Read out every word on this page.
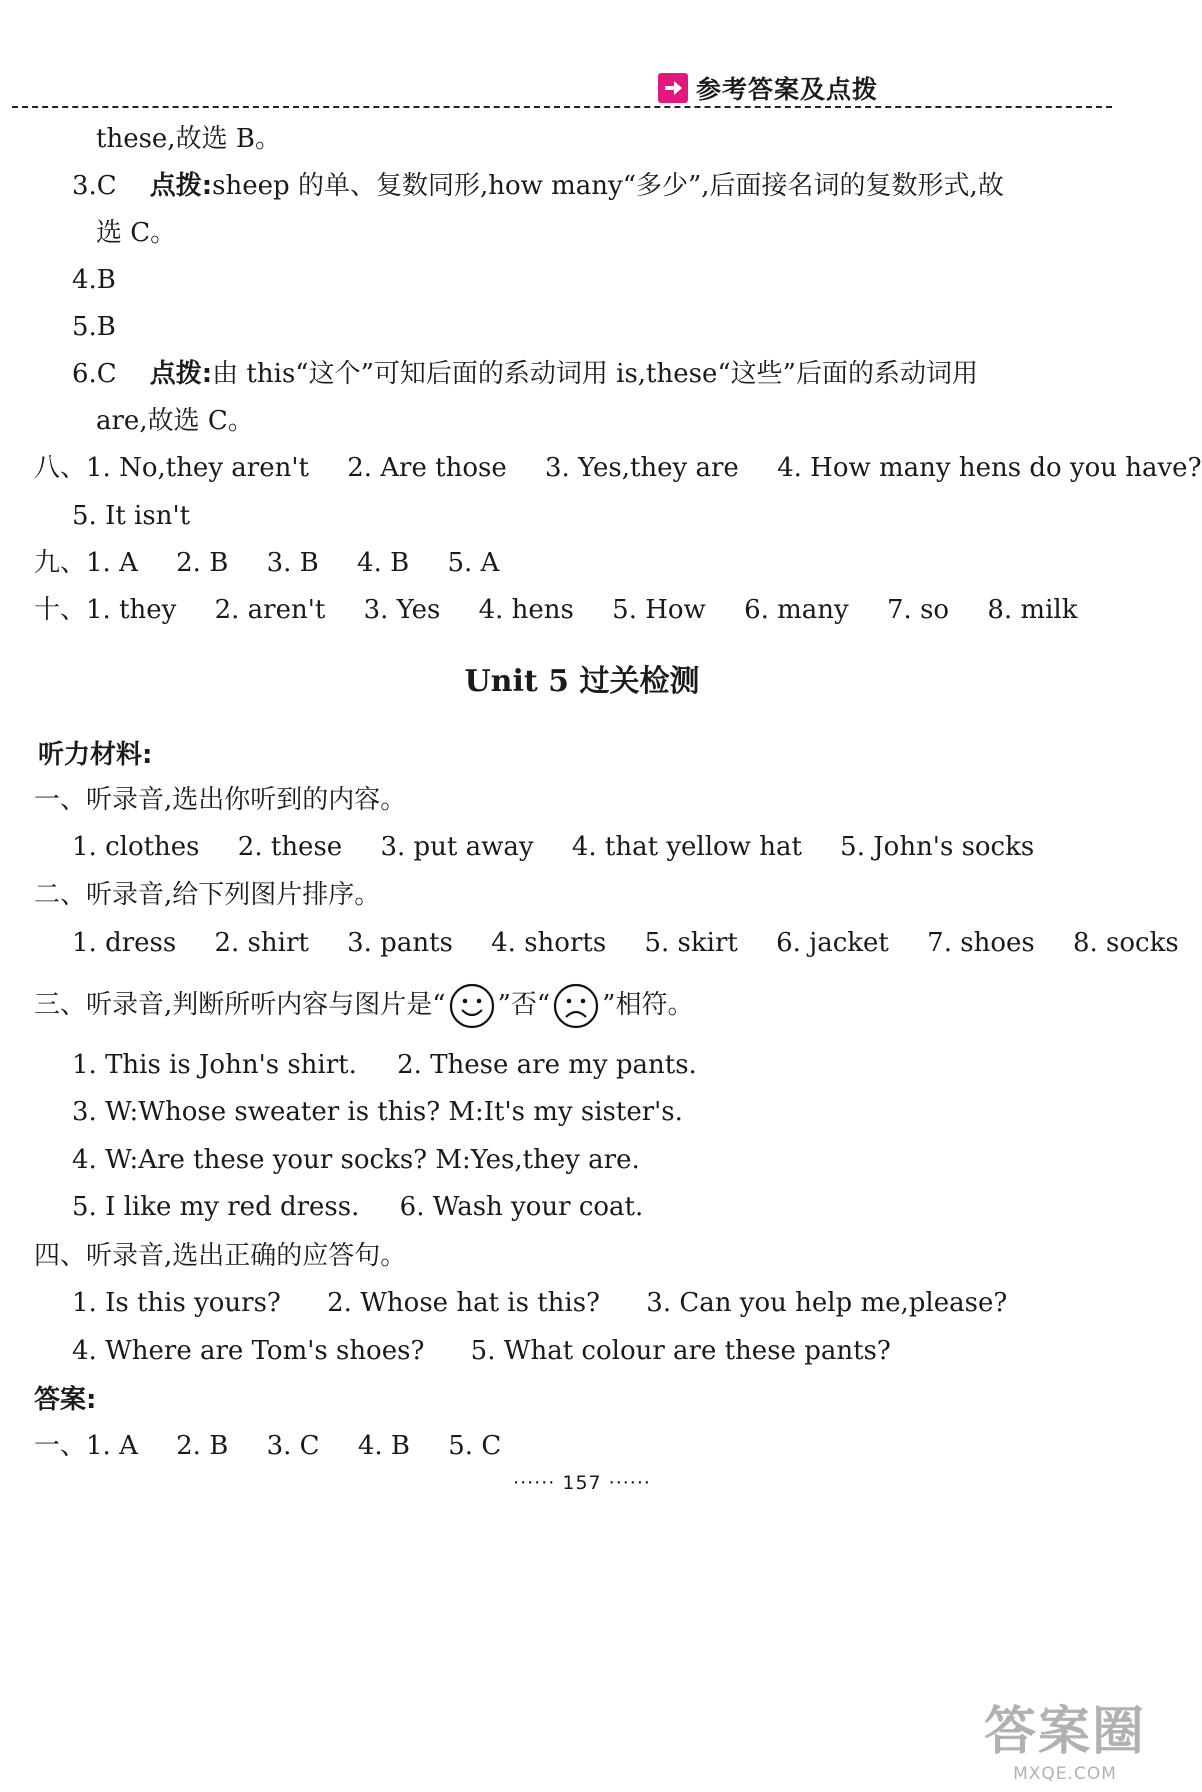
参考答案及点拨
these,故选 B。
3.C 点拨:sheep 的单、复数同形,how many“多少”,后面接名词的复数形式,故
选 C。
4.B
5.B
6.C 点拨:由 this“这个”可知后面的系动词用 is,these“这些”后面的系动词用
are,故选 C。
八、1. No,they aren't 2. Are those 3. Yes,they are 4. How many hens do you have?
5. It isn't
九、1. A 2. B 3. B 4. B 5. A
十、1. they 2. aren't 3. Yes 4. hens 5. How 6. many 7. so 8. milk
Unit 5 过关检测
听力材料:
一、听录音,选出你听到的内容。
1. clothes 2. these 3. put away 4. that yellow hat 5. John's socks
二、听录音,给下列图片排序。
1. dress 2. shirt 3. pants 4. shorts 5. skirt 6. jacket 7. shoes 8. socks
三、听录音,判断所听内容与图片是“ ”否“ ”相符。
1. This is John's shirt. 2. These are my pants.
3. W:Whose sweater is this? M:It's my sister's.
4. W:Are these your socks? M:Yes,they are.
5. I like my red dress. 6. Wash your coat.
四、听录音,选出正确的应答句。
1. Is this yours? 2. Whose hat is this? 3. Can you help me,please?
4. Where are Tom's shoes? 5. What colour are these pants?
答案:
一、1. A 2. B 3. C 4. B 5. C
······ 157 ······
答案圈
MXQE.COM
